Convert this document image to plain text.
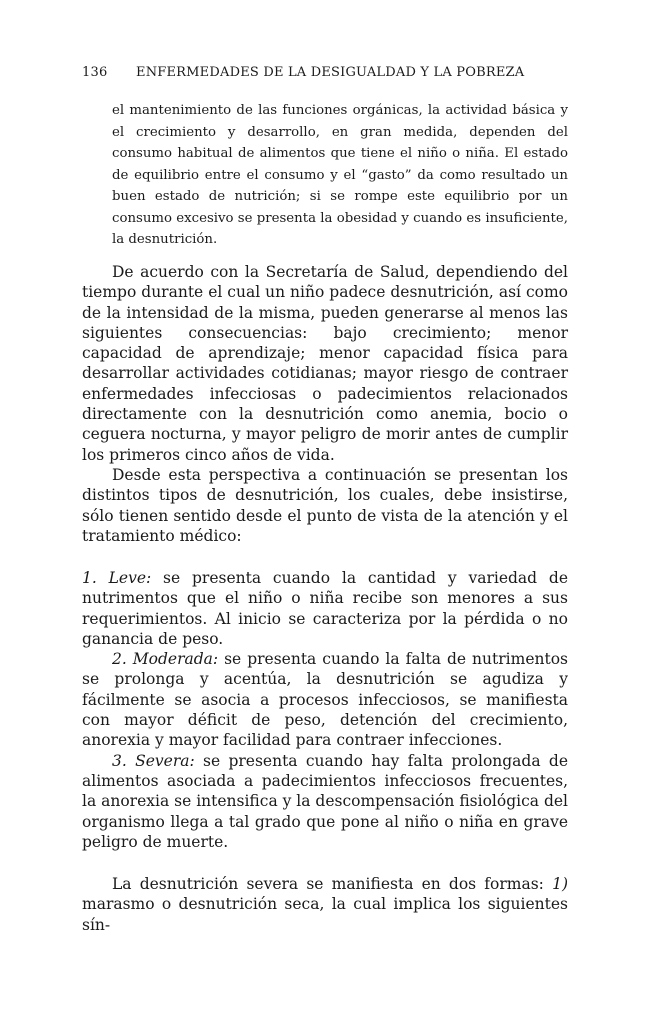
136 ENFERMEDADES DE LA DESIGUALDAD Y LA POBREZA

el mantenimiento de las funciones orgánicas, la actividad básica y el crecimiento y desarrollo, en gran medida, dependen del consumo habitual de alimentos que tiene el niño o niña. El estado de equilibrio entre el consumo y el “gasto” da como resultado un buen estado de nutrición; si se rompe este equilibrio por un consumo excesivo se presenta la obesidad y cuando es insuficiente, la desnutrición.

De acuerdo con la Secretaría de Salud, dependiendo del tiempo durante el cual un niño padece desnutrición, así como de la intensidad de la misma, pueden generarse al menos las siguientes consecuencias: bajo crecimiento; menor capacidad de aprendizaje; menor capacidad física para desarrollar actividades cotidianas; mayor riesgo de contraer enfermedades infecciosas o padecimientos relacionados directamente con la desnutrición como anemia, bocio o ceguera nocturna, y mayor peligro de morir antes de cumplir los primeros cinco años de vida.

Desde esta perspectiva a continuación se presentan los distintos tipos de desnutrición, los cuales, debe insistirse, sólo tienen sentido desde el punto de vista de la atención y el tratamiento médico:

1. Leve: se presenta cuando la cantidad y variedad de nutrimentos que el niño o niña recibe son menores a sus requerimientos. Al inicio se caracteriza por la pérdida o no ganancia de peso.

2. Moderada: se presenta cuando la falta de nutrimentos se prolonga y acentúa, la desnutrición se agudiza y fácilmente se asocia a procesos infecciosos, se manifiesta con mayor déficit de peso, detención del crecimiento, anorexia y mayor facilidad para contraer infecciones.

3. Severa: se presenta cuando hay falta prolongada de alimentos asociada a padecimientos infecciosos frecuentes, la anorexia se intensifica y la descompensación fisiológica del organismo llega a tal grado que pone al niño o niña en grave peligro de muerte.

La desnutrición severa se manifiesta en dos formas: 1) marasmo o desnutrición seca, la cual implica los siguientes sín-
